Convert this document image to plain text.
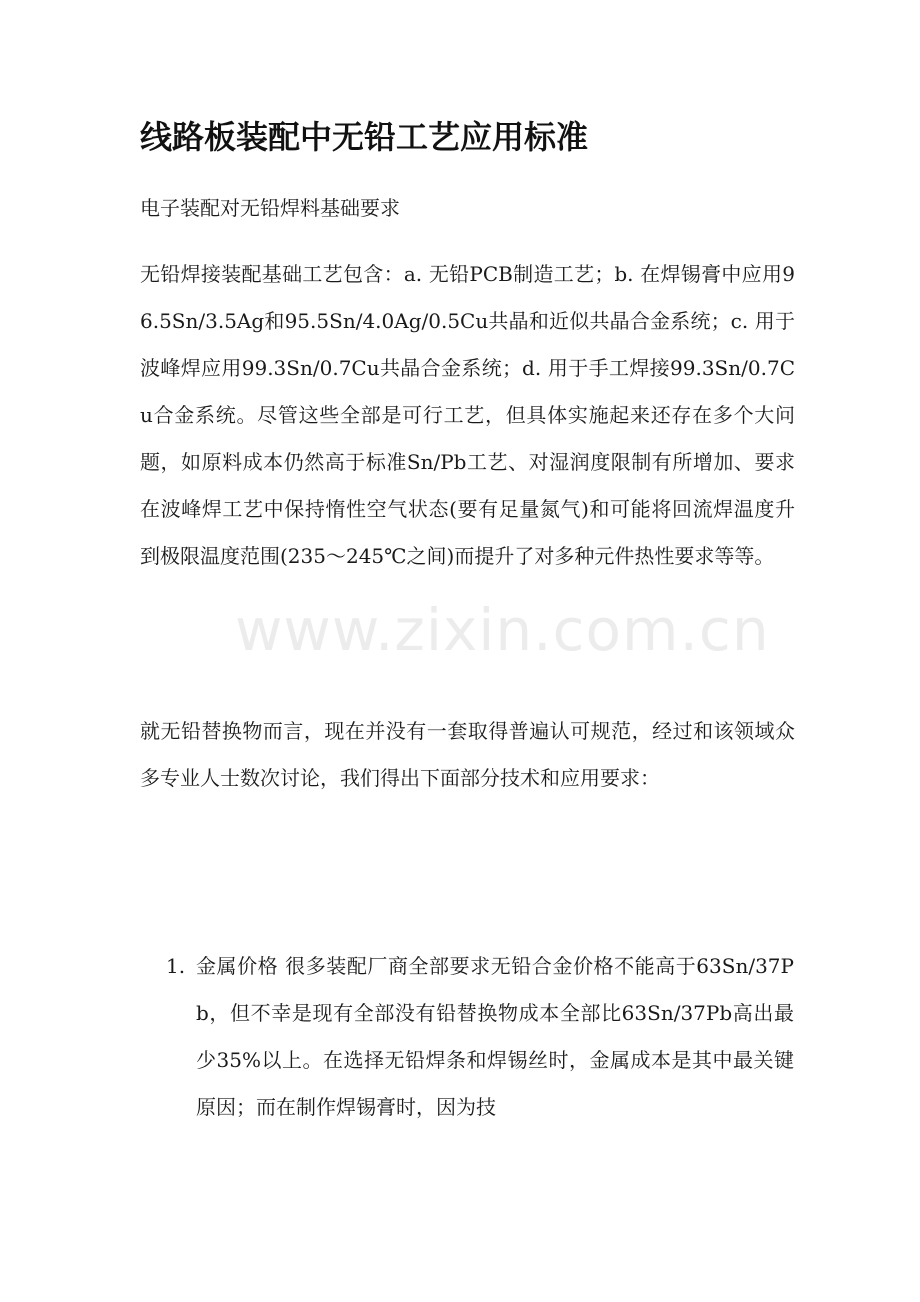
线路板装配中无铅工艺应用标准

电子装配对无铅焊料基础要求

无铅焊接装配基础工艺包含：a. 无铅PCB制造工艺；b. 在焊锡膏中应用96.5Sn/3.5Ag和95.5Sn/4.0Ag/0.5Cu共晶和近似共晶合金系统；c. 用于波峰焊应用99.3Sn/0.7Cu共晶合金系统；d. 用于手工焊接99.3Sn/0.7Cu合金系统。尽管这些全部是可行工艺，但具体实施起来还存在多个大问题，如原料成本仍然高于标准Sn/Pb工艺、对湿润度限制有所增加、要求在波峰焊工艺中保持惰性空气状态(要有足量氮气)和可能将回流焊温度升到极限温度范围(235～245℃之间)而提升了对多种元件热性要求等等。

就无铅替换物而言，现在并没有一套取得普遍认可规范，经过和该领域众多专业人士数次讨论，我们得出下面部分技术和应用要求：

1. 金属价格 很多装配厂商全部要求无铅合金价格不能高于63Sn/37Pb，但不幸是现有全部没有铅替换物成本全部比63Sn/37Pb高出最少35%以上。在选择无铅焊条和焊锡丝时，金属成本是其中最关键原因；而在制作焊锡膏时，因为技
www.zixin.com.cn
